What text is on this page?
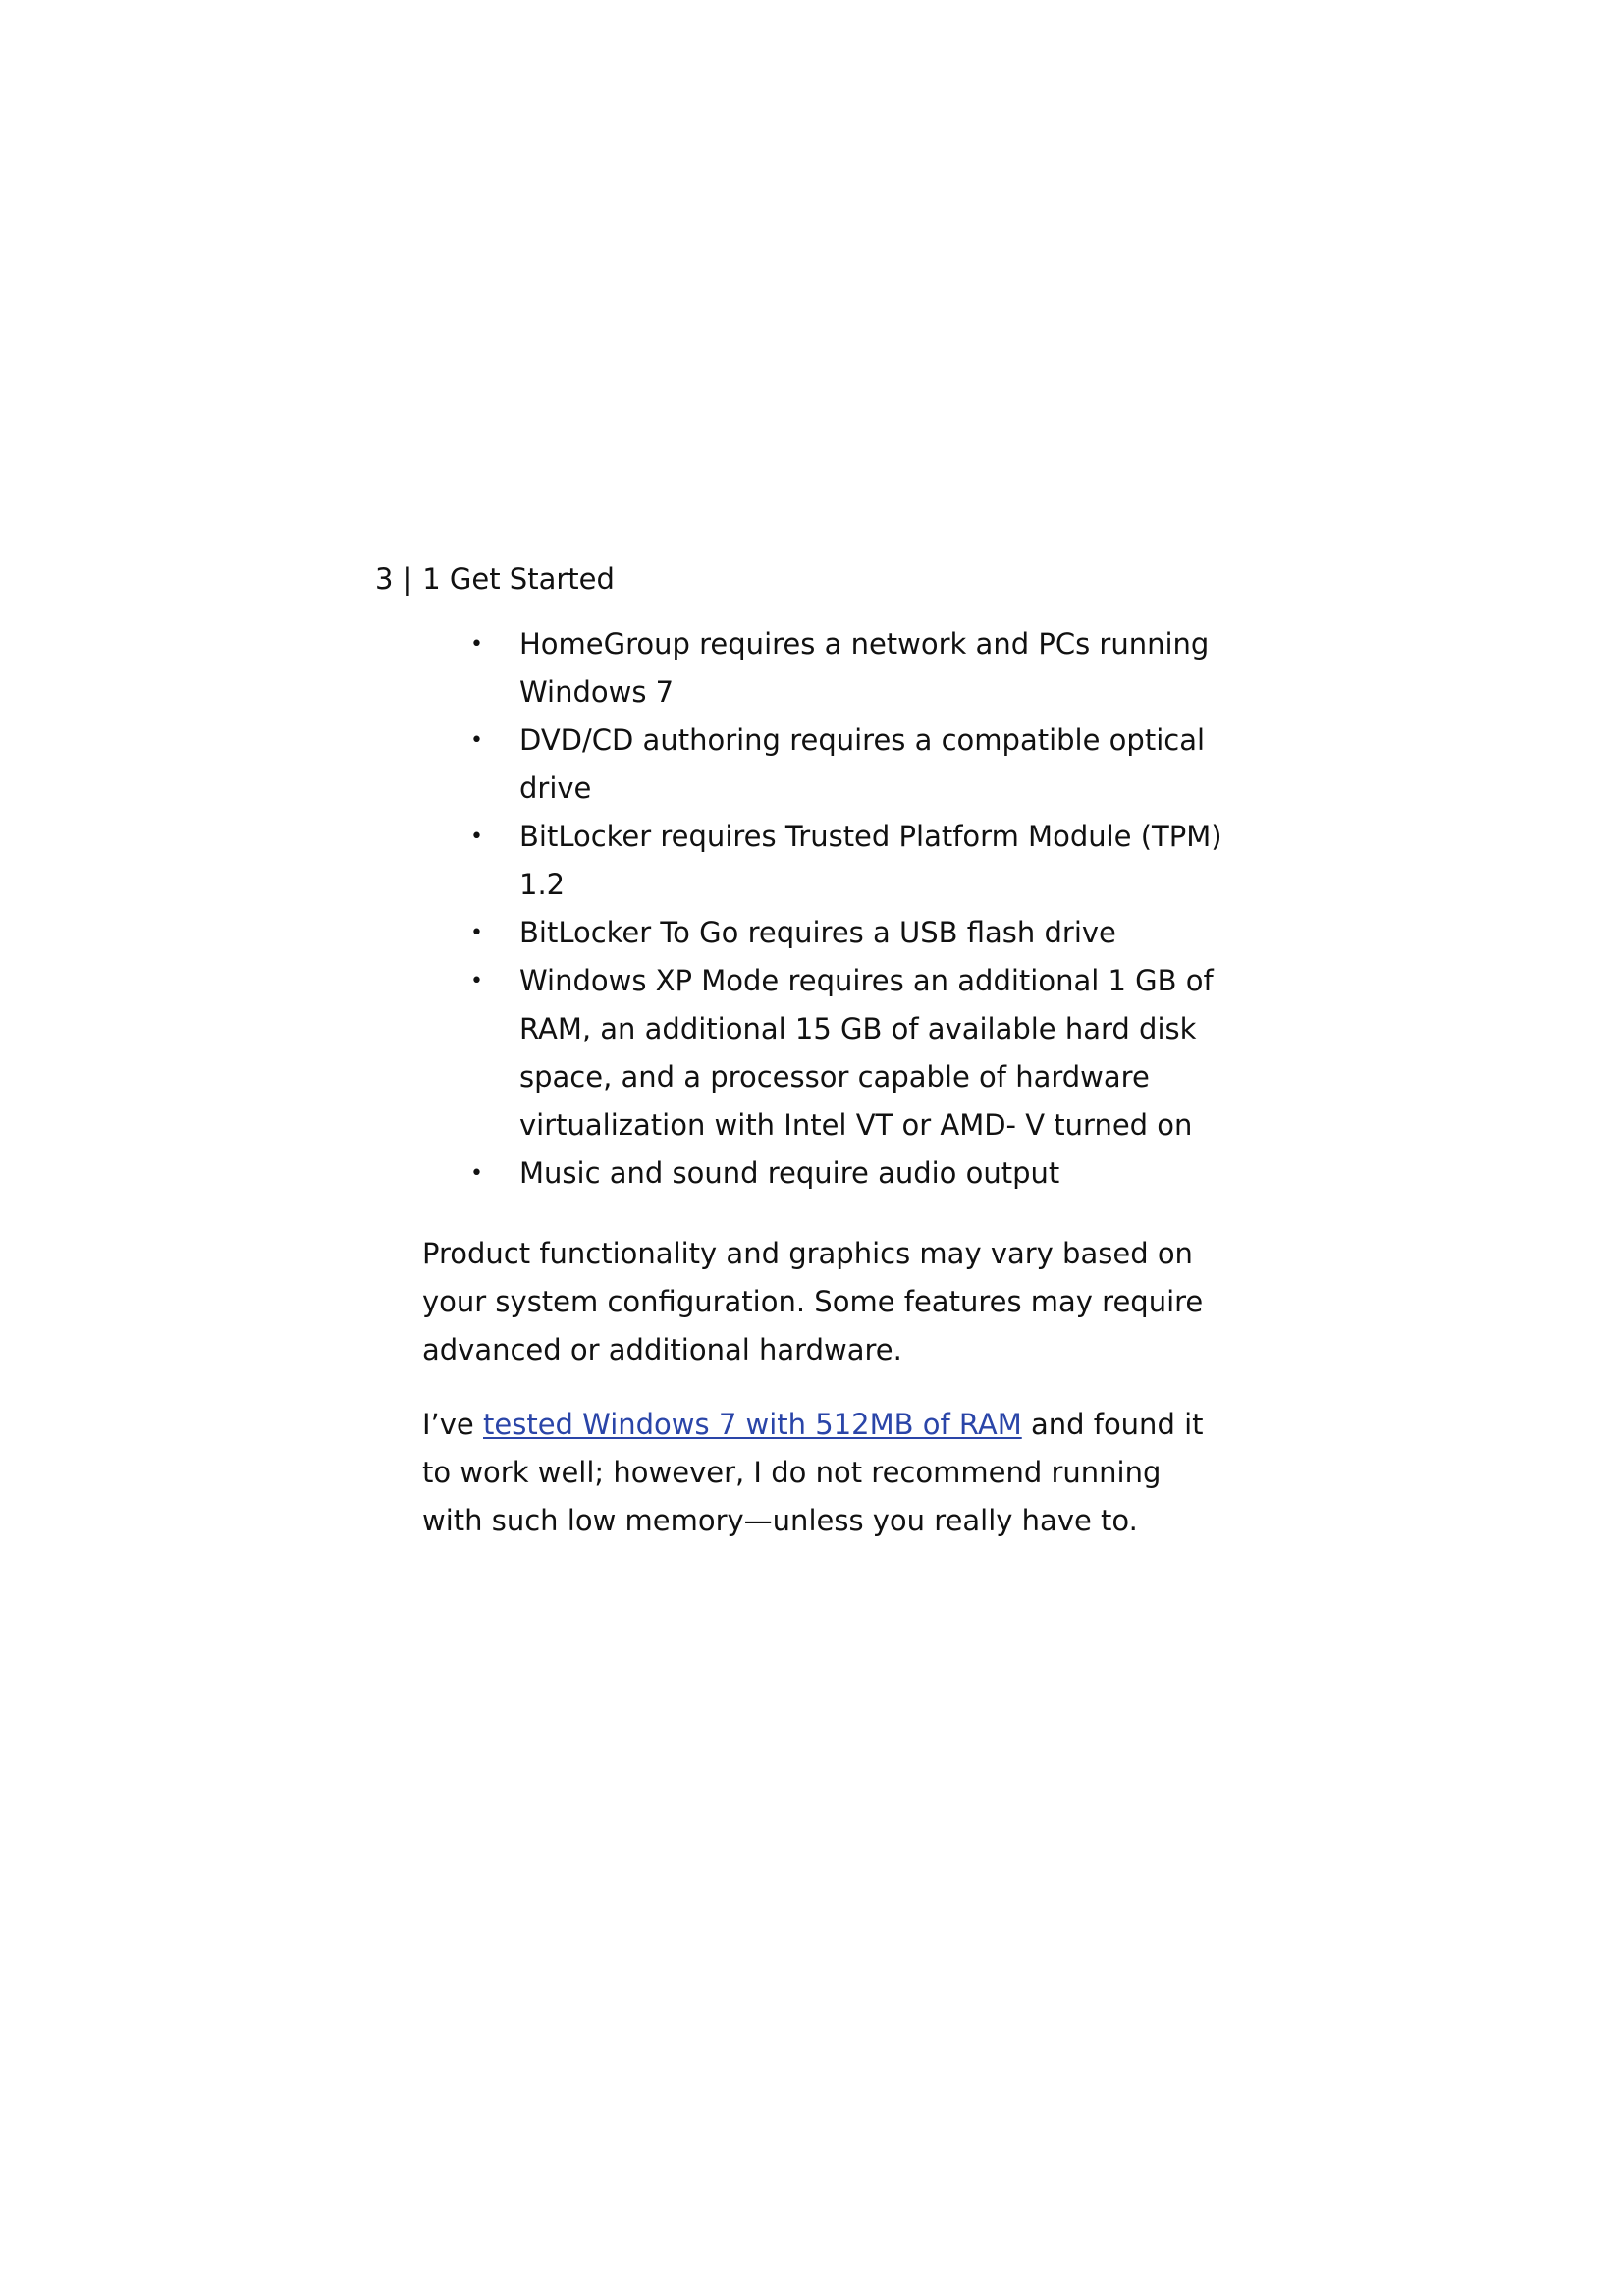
3 | 1 Get Started
• HomeGroup requires a network and PCs running Windows 7
• DVD/CD authoring requires a compatible optical drive
• BitLocker requires Trusted Platform Module (TPM) 1.2
• BitLocker To Go requires a USB flash drive
• Windows XP Mode requires an additional 1 GB of RAM, an additional 15 GB of available hard disk space, and a processor capable of hardware virtualization with Intel VT or AMD- V turned on
• Music and sound require audio output

Product functionality and graphics may vary based on your system configuration. Some features may require advanced or additional hardware.

I’ve tested Windows 7 with 512MB of RAM and found it to work well; however, I do not recommend running with such low memory—unless you really have to.
